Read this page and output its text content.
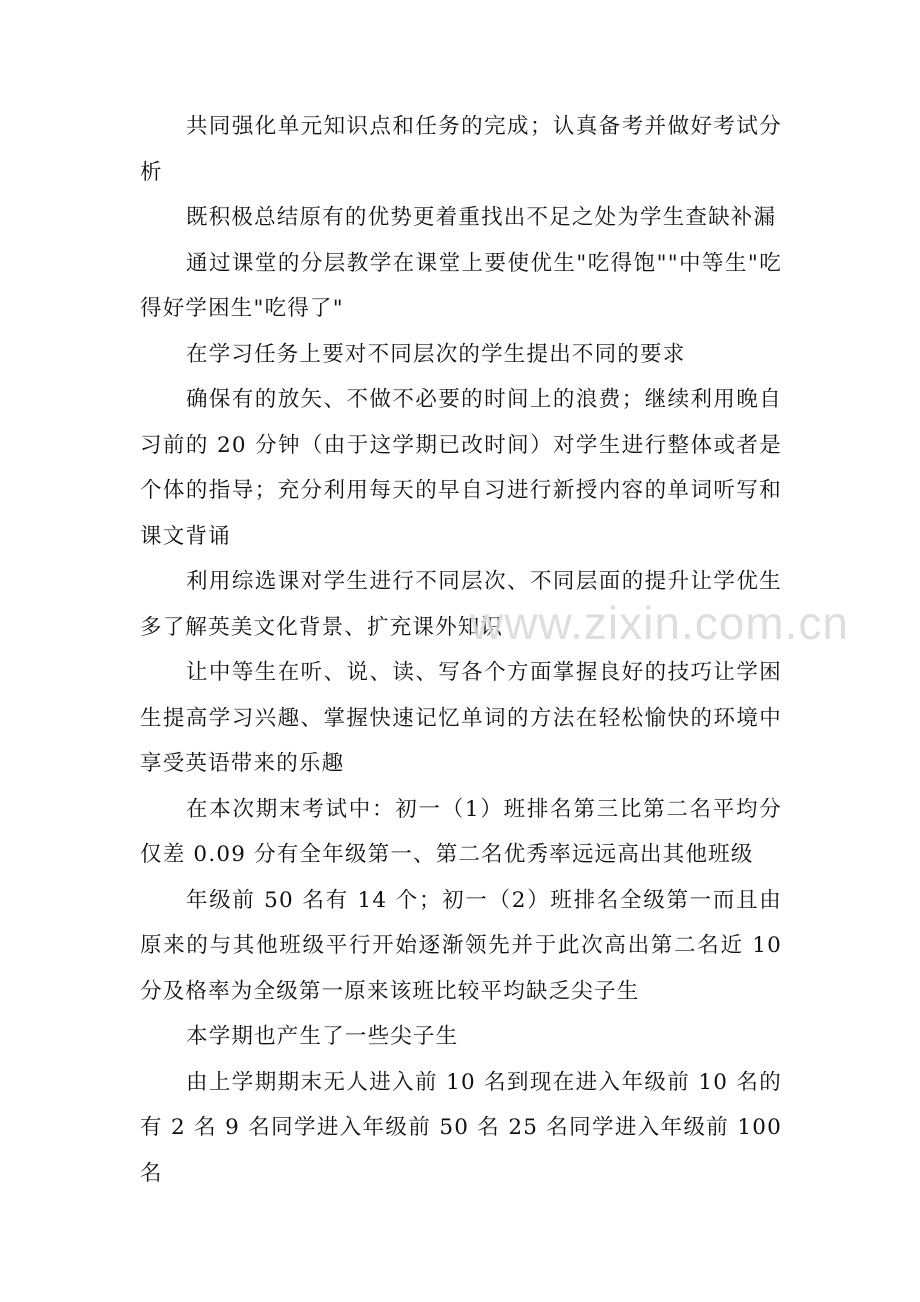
共同强化单元知识点和任务的完成；认真备考并做好考试分析

既积极总结原有的优势更着重找出不足之处为学生查缺补漏

通过课堂的分层教学在课堂上要使优生"吃得饱""中等生"吃得好学困生"吃得了"

在学习任务上要对不同层次的学生提出不同的要求

确保有的放矢、不做不必要的时间上的浪费；继续利用晚自习前的 20 分钟（由于这学期已改时间）对学生进行整体或者是个体的指导；充分利用每天的早自习进行新授内容的单词听写和课文背诵

利用综选课对学生进行不同层次、不同层面的提升让学优生多了解英美文化背景、扩充课外知识

让中等生在听、说、读、写各个方面掌握良好的技巧让学困生提高学习兴趣、掌握快速记忆单词的方法在轻松愉快的环境中享受英语带来的乐趣

在本次期末考试中：初一（1）班排名第三比第二名平均分仅差 0.09 分有全年级第一、第二名优秀率远远高出其他班级

年级前 50 名有 14 个；初一（2）班排名全级第一而且由原来的与其他班级平行开始逐渐领先并于此次高出第二名近 10 分及格率为全级第一原来该班比较平均缺乏尖子生

本学期也产生了一些尖子生

由上学期期末无人进入前 10 名到现在进入年级前 10 名的有 2 名 9 名同学进入年级前 50 名 25 名同学进入年级前 100 名

www.zixin.com.cn
